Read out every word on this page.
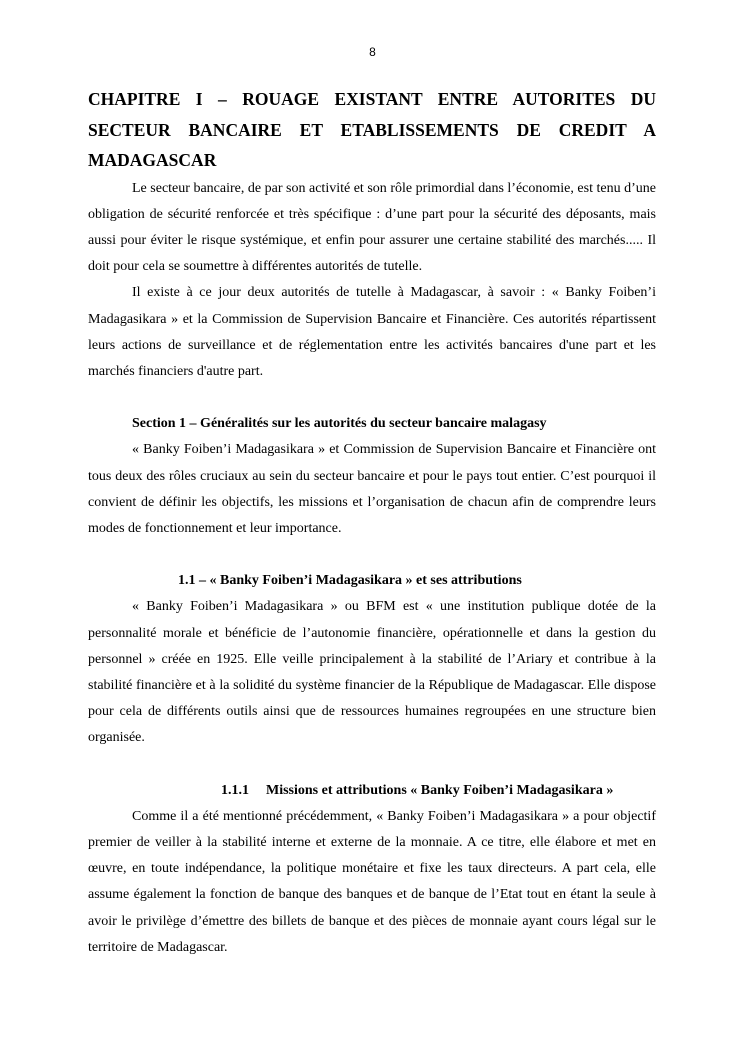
8
CHAPITRE I – ROUAGE EXISTANT ENTRE AUTORITES DU SECTEUR BANCAIRE ET ETABLISSEMENTS DE CREDIT A MADAGASCAR

Le secteur bancaire, de par son activité et son rôle primordial dans l’économie, est tenu d’une obligation de sécurité renforcée et très spécifique : d’une part pour la sécurité des déposants, mais aussi pour éviter le risque systémique, et enfin pour assurer une certaine stabilité des marchés..... Il doit pour cela se soumettre à différentes autorités de tutelle.

Il existe à ce jour deux autorités de tutelle à Madagascar, à savoir : « Banky Foiben’i Madagasikara » et la Commission de Supervision Bancaire et Financière. Ces autorités répartissent leurs actions de surveillance et de réglementation entre les activités bancaires d'une part et les marchés financiers d'autre part.

Section 1 – Généralités sur les autorités du secteur bancaire malagasy

« Banky Foiben’i Madagasikara » et Commission de Supervision Bancaire et Financière ont tous deux des rôles cruciaux au sein du secteur bancaire et pour le pays tout entier. C’est pourquoi il convient de définir les objectifs, les missions et l’organisation de chacun afin de comprendre leurs modes de fonctionnement et leur importance.

1.1 – « Banky Foiben’i Madagasikara » et ses attributions

« Banky Foiben’i Madagasikara » ou BFM est « une institution publique dotée de la personnalité morale et bénéficie de l’autonomie financière, opérationnelle et dans la gestion du personnel » créée en 1925. Elle veille principalement à la stabilité de l’Ariary et contribue à la stabilité financière et à la solidité du système financier de la République de Madagascar. Elle dispose pour cela de différents outils ainsi que de ressources humaines regroupées en une structure bien organisée.

1.1.1 Missions et attributions « Banky Foiben’i Madagasikara »

Comme il a été mentionné précédemment, « Banky Foiben’i Madagasikara » a pour objectif premier de veiller à la stabilité interne et externe de la monnaie. A ce titre, elle élabore et met en œuvre, en toute indépendance, la politique monétaire et fixe les taux directeurs. A part cela, elle assume également la fonction de banque des banques et de banque de l’Etat tout en étant la seule à avoir le privilège d’émettre des billets de banque et des pièces de monnaie ayant cours légal sur le territoire de Madagascar.
